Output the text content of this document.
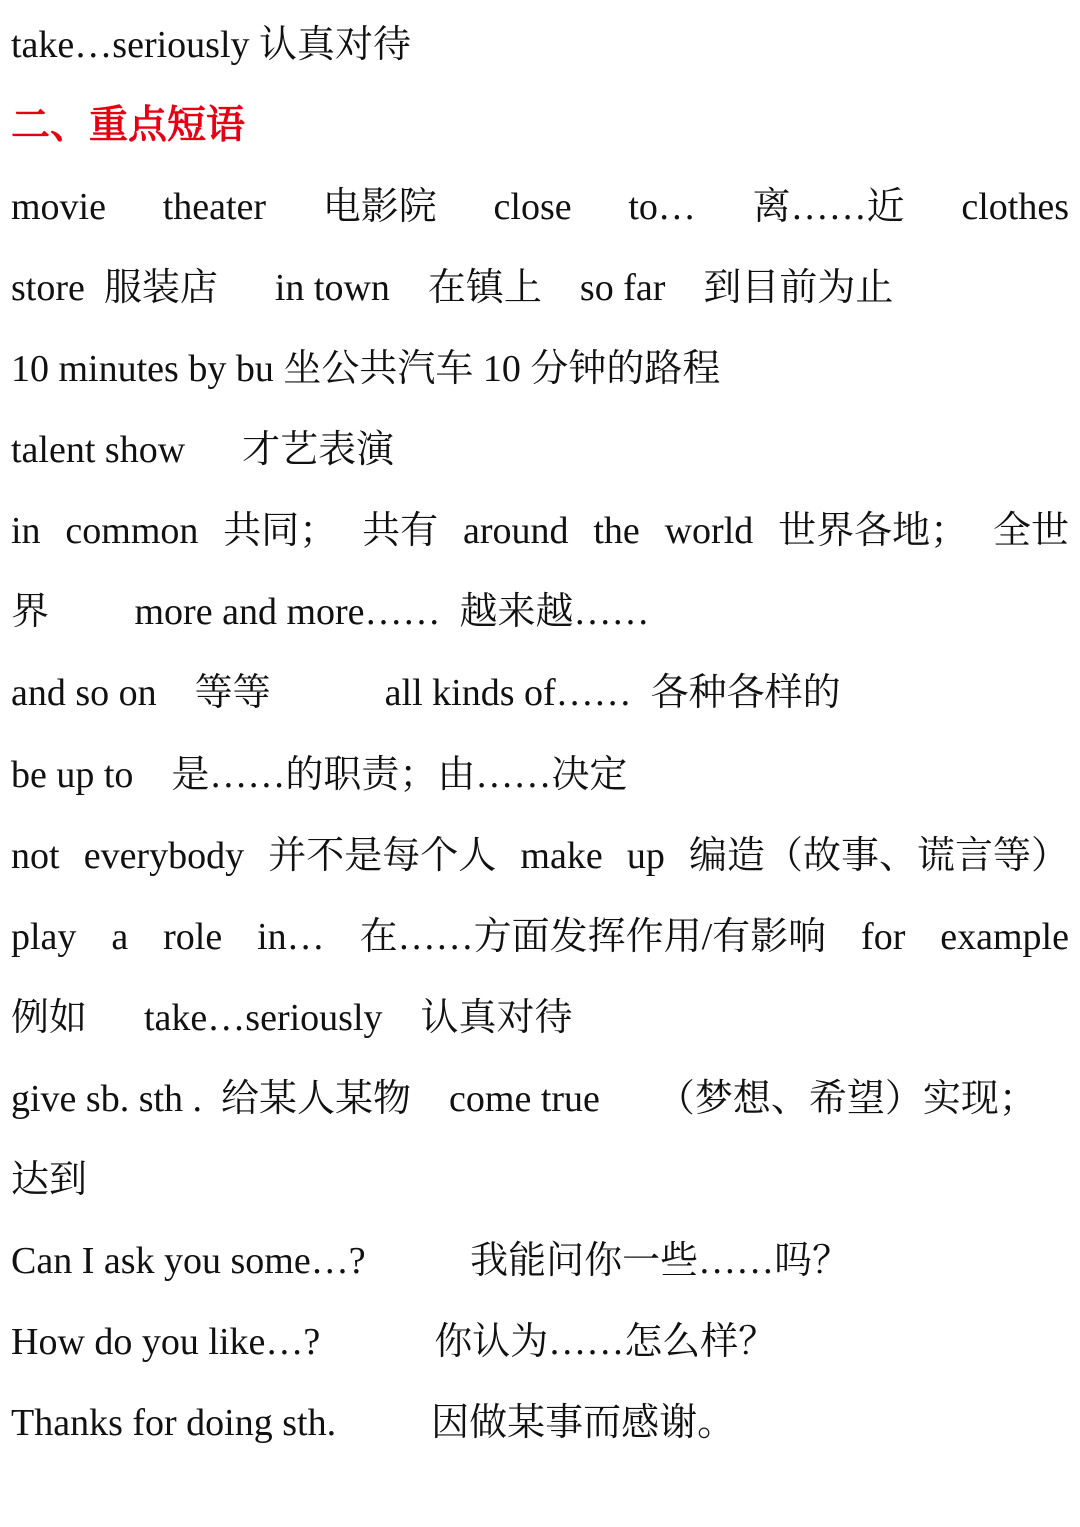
take…seriously 认真对待
二、重点短语
movie theater 电影院 close to… 离……近 clothes
store  服装店      in town    在镇上    so far    到目前为止
10 minutes by bu 坐公共汽车 10 分钟的路程
talent show      才艺表演
in common 共同； 共有 around the world 世界各地； 全世
界         more and more……  越来越……
and so on    等等            all kinds of……  各种各样的
be up to    是……的职责；由……决定
not everybody 并不是每个人 make up 编造（故事、谎言等）
play a role in… 在……方面发挥作用/有影响 for example
例如      take…seriously    认真对待
give sb. sth .  给某人某物    come true      （梦想、希望）实现；
达到
Can I ask you some…?           我能问你一些……吗？
How do you like…?            你认为……怎么样？
Thanks for doing sth.          因做某事而感谢。
